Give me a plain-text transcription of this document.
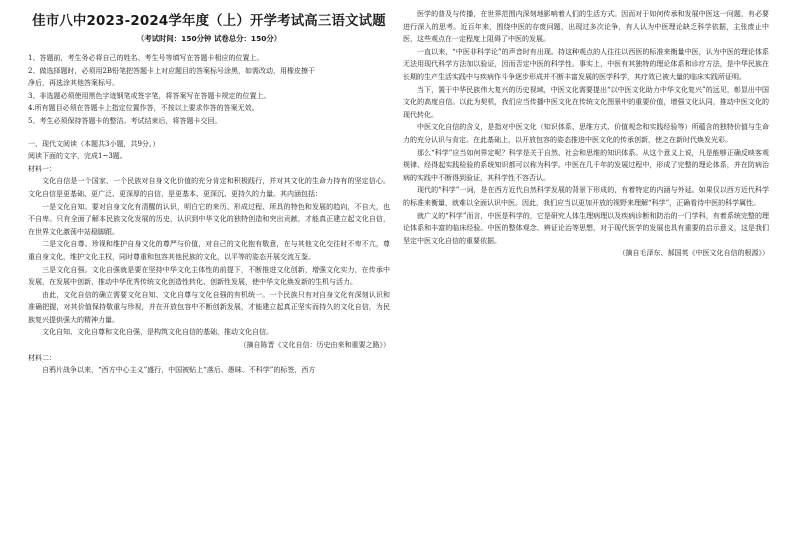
佳市八中2023-2024学年度（上）开学考试高三语文试题
（考试时间：150分钟 试卷总分：150分）
1、答题前，考生务必将自己的姓名、考生号等填写在答题卡相应的位置上。
2、做选择题时，必须用2B铅笔把答题卡上对应题目的答案标号涂黑，如需改动，用橡皮擦干
净后，再选涂其他答案标号。
3、非选题必须使用黑色字迹钢笔或签字笔，将答案写在答题卡规定的位置上。
4.所有题目必须在答题卡上指定位置作答，不按以上要求作答的答案无效。
5、考生必须保持答题卡的整洁。考试结束后，将答题卡交回。
一、现代文阅读（本题共3小题，共9分。）
阅读下面的文字，完成1~3题。
材料一：
文化自信是一个国家、一个民族对自身文化价值的充分肯定和积极践行，并对其文化的生命力持有的坚定信心。文化自信是更基础、更广泛、更深厚的自信，是更基本、更深沉、更持久的力量。其内涵包括：
一是文化自知。要对自身文化有清醒的认识，明白它的来历、形成过程、所具的特色和发展的趋向，不自大，也不自卑。只有全面了解本民族文化发展的历史，认识到中华文化的独特创造和突出贡献，才能真正建立起文化自信，在世界文化激荡中站稳脚跟。
二是文化自尊。珍视和维护自身文化的尊严与价值，对自己的文化抱有敬意，在与其他文化交往时不卑不亢，尊重自身文化，维护文化主权，同时尊重和包容其他民族的文化，以平等的姿态开展交流互鉴。
三是文化自强。文化自强就是要在坚持中华文化主体性的前提下，不断推进文化创新，增强文化实力，在传承中发展，在发展中创新，推动中华优秀传统文化创造性转化、创新性发展，使中华文化焕发新的生机与活力。
由此，文化自信的确立需要文化自知、文化自尊与文化自强的有机统一。一个民族只有对自身文化有深刻认识和准确把握，对其价值保持敬重与珍视，并在开放包容中不断创新发展，才能建立起真正坚实而持久的文化自信，为民族复兴提供强大的精神力量。
文化自知、文化自尊和文化自强，是构筑文化自信的基础，推动文化自信。
（摘自陈晋《文化自信：历史由来和重要之路》）
材料二：
自鸦片战争以来，“西方中心主义”盛行，中国被贴上“落后、愚昧、不科学”的标签，西方
医学的普及与传播，在世界范围内深刻地影响着人们的生活方式。因而对于如何传承和发展中医这一问题，有必要进行深入的思考。近百年来，围绕中医的存废问题，出现过多次论争，有人认为中医理论缺乏科学依据，主张废止中医，这些观点在一定程度上阻碍了中医的发展。
一直以来，“中医非科学论”的声音时有出现。持这种观点的人往往以西医的标准来衡量中医，认为中医的理论体系无法用现代科学方法加以验证，因而否定中医的科学性。事实上，中医有其独特的理论体系和诊疗方法，是中华民族在长期的生产生活实践中与疾病作斗争逐步形成并不断丰富发展的医学科学，其疗效已被大量的临床实践所证明。
当下，置于中华民族伟大复兴的历史视域，中医文化需要提出“以中医文化助力中华文化复兴”的远见，彰显出中国文化的高度自信。以此为契机，我们应当传播中医文化在传统文化图景中的重要价值，增强文化认同，推动中医文化的现代转化。
中医文化自信的含义，是指对中医文化（知识体系、思维方式、价值观念和实践经验等）所蕴含的独特价值与生命力的充分认识与肯定。在此基础上，以开放包容的姿态推进中医文化的传承创新，使之在新时代焕发光彩。
那么“科学”应当如何界定呢？科学是关于自然、社会和思维的知识体系。从这个意义上说，凡是能够正确反映客观规律、经得起实践检验的系统知识都可以称为科学。中医在几千年的发展过程中，形成了完整的理论体系，并在防病治病的实践中不断得到验证，其科学性不容否认。
现代的“科学”一词，是在西方近代自然科学发展的背景下形成的，有着特定的内涵与外延。如果仅以西方近代科学的标准来衡量，就难以全面认识中医。因此，我们应当以更加开放的视野来理解“科学”，正确看待中医的科学属性。
就广义的“科学”而言，中医是科学的，它是研究人体生理病理以及疾病诊断和防治的一门学科，有着系统完整的理论体系和丰富的临床经验。中医的整体观念、辨证论治等思想，对于现代医学的发展也具有重要的启示意义，这是我们坚定中医文化自信的重要依据。
（摘自毛泽东、郝国英《中医文化自信的根源》）
